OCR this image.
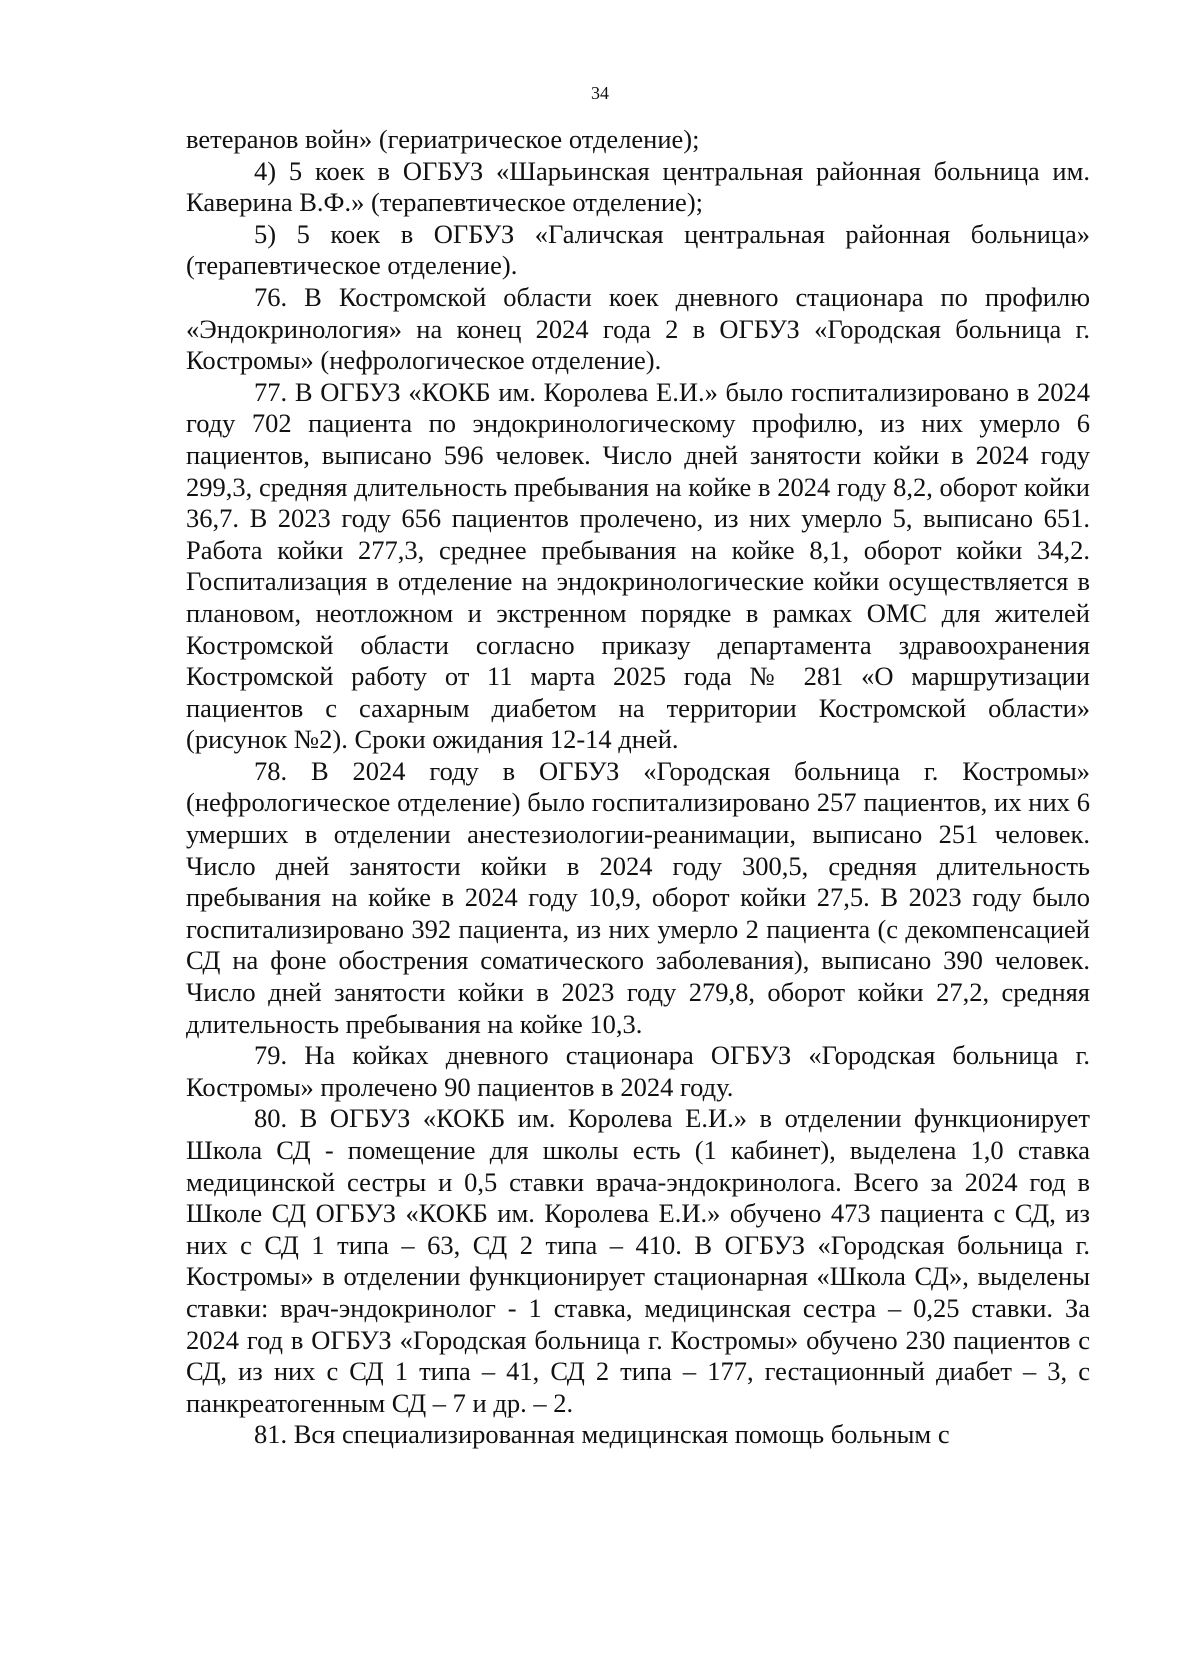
34

ветеранов войн» (гериатрическое отделение);

4) 5 коек в ОГБУЗ «Шарьинская центральная районная больница им. Каверина В.Ф.» (терапевтическое отделение);

5) 5 коек в ОГБУЗ «Галичская центральная районная больница» (терапевтическое отделение).

76. В Костромской области коек дневного стационара по профилю «Эндокринология» на конец 2024 года 2 в ОГБУЗ «Городская больница г. Костромы» (нефрологическое отделение).

77. В ОГБУЗ «КОКБ им. Королева Е.И.» было госпитализировано в 2024 году 702 пациента по эндокринологическому профилю, из них умерло 6 пациентов, выписано 596 человек. Число дней занятости койки в 2024 году 299,3, средняя длительность пребывания на койке в 2024 году 8,2, оборот койки 36,7. В 2023 году 656 пациентов пролечено, из них умерло 5, выписано 651. Работа койки 277,3, среднее пребывания на койке 8,1, оборот койки 34,2. Госпитализация в отделение на эндокринологические койки осуществляется в плановом, неотложном и экстренном порядке в рамках ОМС для жителей Костромской области согласно приказу департамента здравоохранения Костромской работу от 11 марта 2025 года № 281 «О маршрутизации пациентов с сахарным диабетом на территории Костромской области» (рисунок №2). Сроки ожидания 12-14 дней.

78. В 2024 году в ОГБУЗ «Городская больница г. Костромы» (нефрологическое отделение) было госпитализировано 257 пациентов, их них 6 умерших в отделении анестезиологии-реанимации, выписано 251 человек. Число дней занятости койки в 2024 году 300,5, средняя длительность пребывания на койке в 2024 году 10,9, оборот койки 27,5. В 2023 году было госпитализировано 392 пациента, из них умерло 2 пациента (с декомпенсацией СД на фоне обострения соматического заболевания), выписано 390 человек. Число дней занятости койки в 2023 году 279,8, оборот койки 27,2, средняя длительность пребывания на койке 10,3.

79. На койках дневного стационара ОГБУЗ «Городская больница г. Костромы» пролечено 90 пациентов в 2024 году.

80. В ОГБУЗ «КОКБ им. Королева Е.И.» в отделении функционирует Школа СД - помещение для школы есть (1 кабинет), выделена 1,0 ставка медицинской сестры и 0,5 ставки врача-эндокринолога. Всего за 2024 год в Школе СД ОГБУЗ «КОКБ им. Королева Е.И.» обучено 473 пациента с СД, из них с СД 1 типа – 63, СД 2 типа – 410. В ОГБУЗ «Городская больница г. Костромы» в отделении функционирует стационарная «Школа СД», выделены ставки: врач-эндокринолог - 1 ставка, медицинская сестра – 0,25 ставки. За 2024 год в ОГБУЗ «Городская больница г. Костромы» обучено 230 пациентов с СД, из них с СД 1 типа – 41, СД 2 типа – 177, гестационный диабет – 3, с панкреатогенным СД – 7 и др. – 2.

81. Вся специализированная медицинская помощь больным с
